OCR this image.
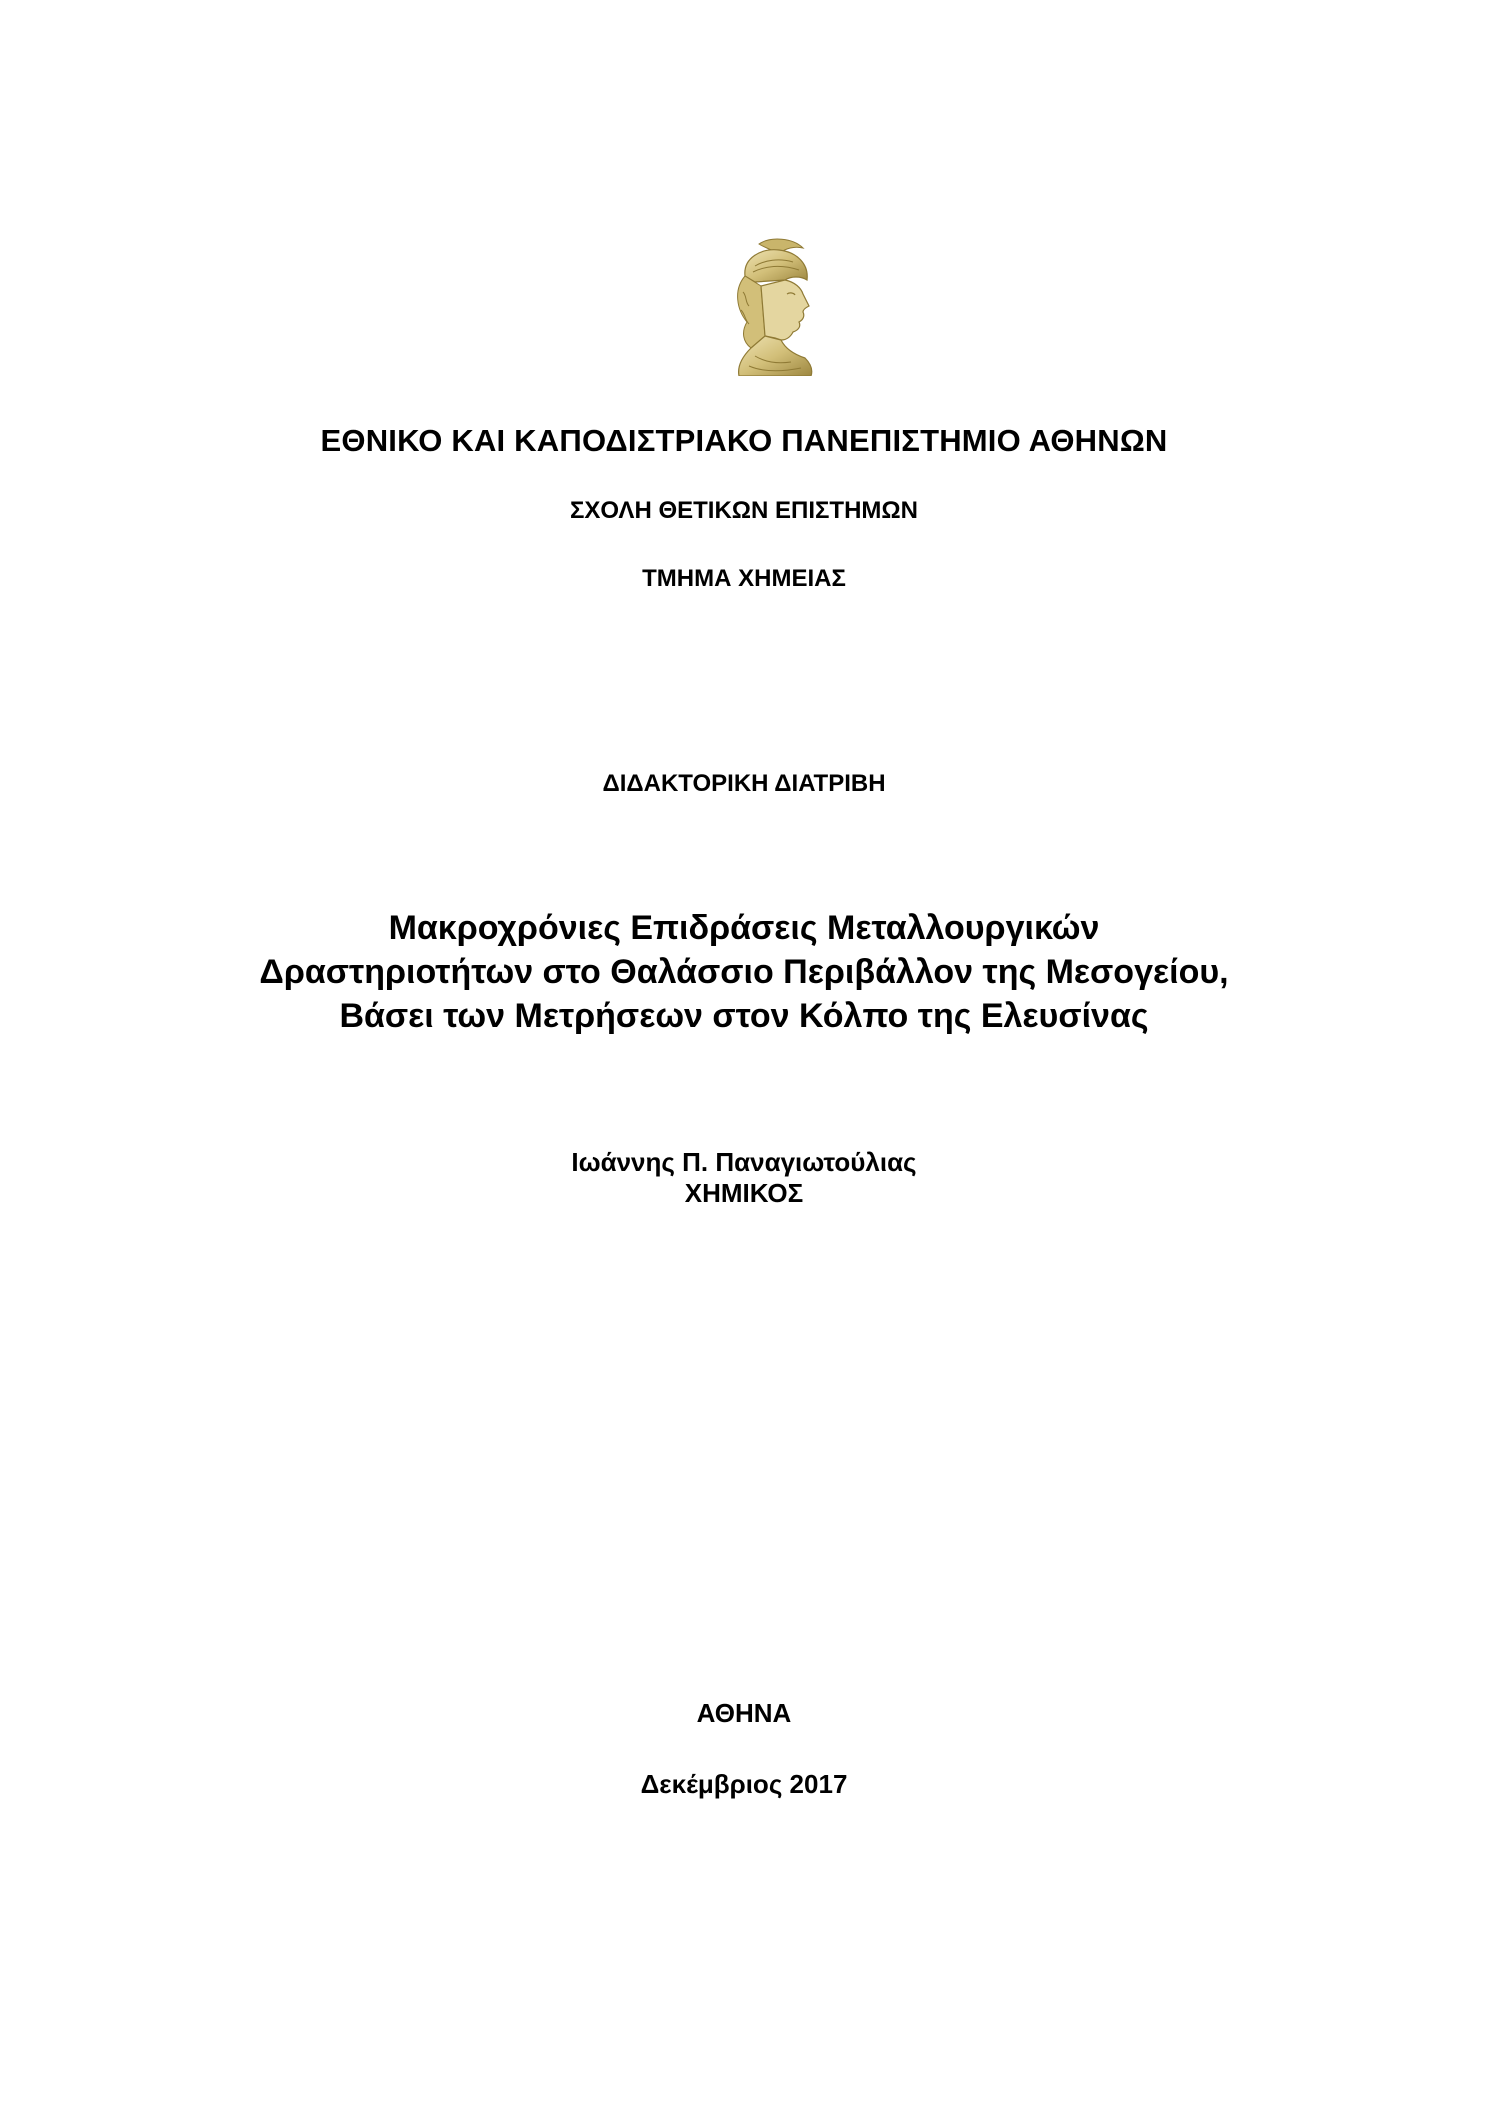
ΕΘΝΙΚΟ ΚΑΙ ΚΑΠΟΔΙΣΤΡΙΑΚΟ ΠΑΝΕΠΙΣΤΗΜΙΟ ΑΘΗΝΩΝ
ΣΧΟΛΗ ΘΕΤΙΚΩΝ ΕΠΙΣΤΗΜΩΝ
ΤΜΗΜΑ ΧΗΜΕΙΑΣ
ΔΙΔΑΚΤΟΡΙΚΗ ΔΙΑΤΡΙΒΗ
Μακροχρόνιες Επιδράσεις Μεταλλουργικών
Δραστηριοτήτων στο Θαλάσσιο Περιβάλλον της Μεσογείου,
Βάσει των Μετρήσεων στον Κόλπο της Ελευσίνας
Ιωάννης Π. Παναγιωτούλιας
ΧΗΜΙΚΟΣ
ΑΘΗΝΑ
Δεκέμβριος 2017
